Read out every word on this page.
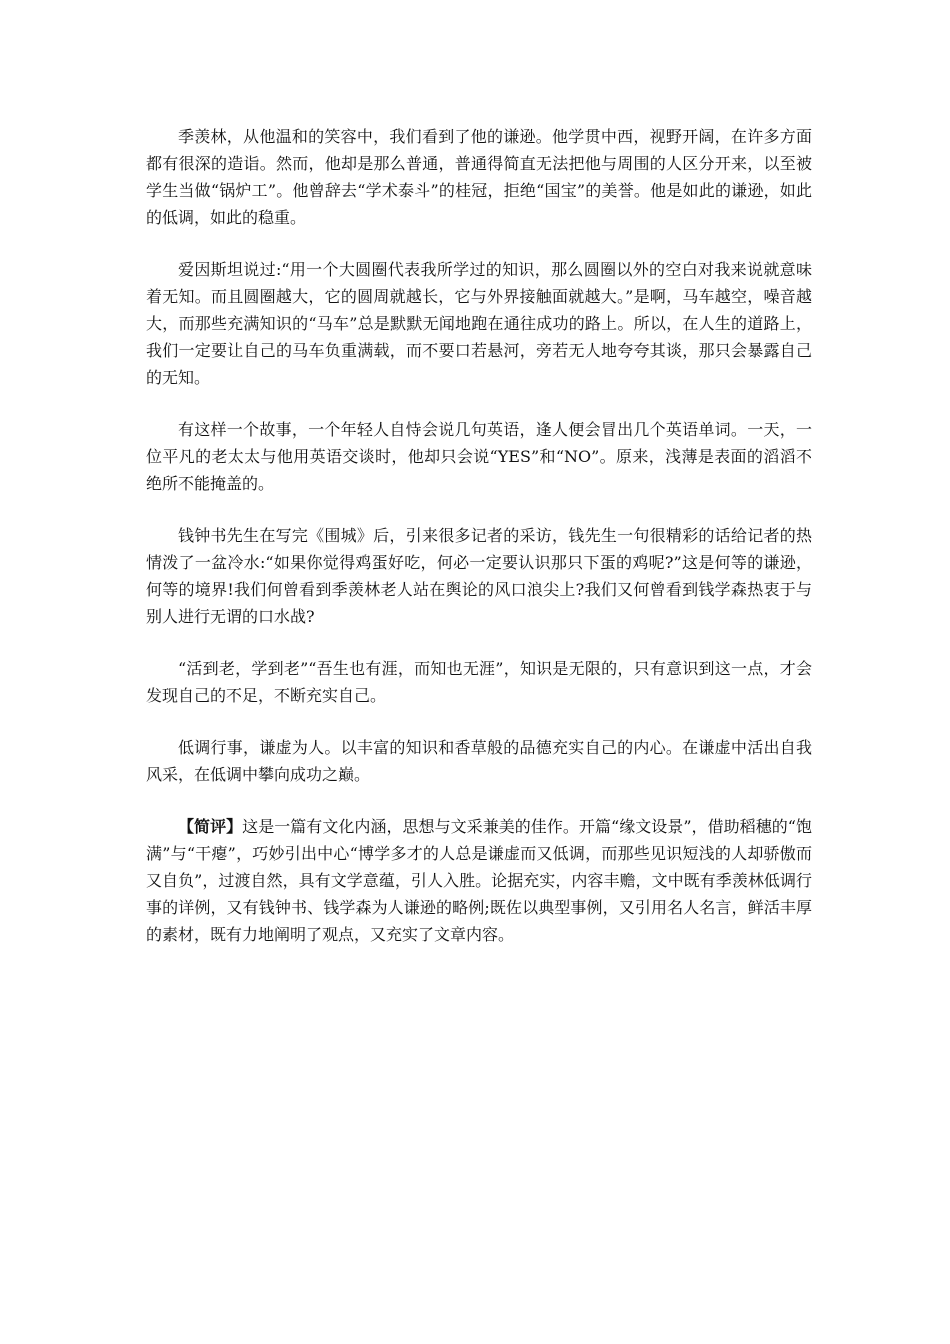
季羡林，从他温和的笑容中，我们看到了他的谦逊。他学贯中西，视野开阔，在许多方面都有很深的造诣。然而，他却是那么普通，普通得简直无法把他与周围的人区分开来，以至被学生当做“锅炉工”。他曾辞去“学术泰斗”的桂冠，拒绝“国宝”的美誉。他是如此的谦逊，如此的低调，如此的稳重。

爱因斯坦说过:“用一个大圆圈代表我所学过的知识，那么圆圈以外的空白对我来说就意味着无知。而且圆圈越大，它的圆周就越长，它与外界接触面就越大。”是啊，马车越空，噪音越大，而那些充满知识的“马车”总是默默无闻地跑在通往成功的路上。所以，在人生的道路上，我们一定要让自己的马车负重满载，而不要口若悬河，旁若无人地夸夸其谈，那只会暴露自己的无知。

有这样一个故事，一个年轻人自恃会说几句英语，逢人便会冒出几个英语单词。一天，一位平凡的老太太与他用英语交谈时，他却只会说“YES”和“NO”。原来，浅薄是表面的滔滔不绝所不能掩盖的。

钱钟书先生在写完《围城》后，引来很多记者的采访，钱先生一句很精彩的话给记者的热情泼了一盆冷水:“如果你觉得鸡蛋好吃，何必一定要认识那只下蛋的鸡呢?”这是何等的谦逊，何等的境界!我们何曾看到季羡林老人站在舆论的风口浪尖上?我们又何曾看到钱学森热衷于与别人进行无谓的口水战?

“活到老，学到老”“吾生也有涯，而知也无涯”，知识是无限的，只有意识到这一点，才会发现自己的不足，不断充实自己。

低调行事，谦虚为人。以丰富的知识和香草般的品德充实自己的内心。在谦虚中活出自我风采，在低调中攀向成功之巅。

【简评】这是一篇有文化内涵，思想与文采兼美的佳作。开篇“缘文设景”，借助稻穗的“饱满”与“干瘪”，巧妙引出中心“博学多才的人总是谦虚而又低调，而那些见识短浅的人却骄傲而又自负”，过渡自然，具有文学意蕴，引人入胜。论据充实，内容丰赡，文中既有季羡林低调行事的详例，又有钱钟书、钱学森为人谦逊的略例;既佐以典型事例，又引用名人名言，鲜活丰厚的素材，既有力地阐明了观点，又充实了文章内容。
